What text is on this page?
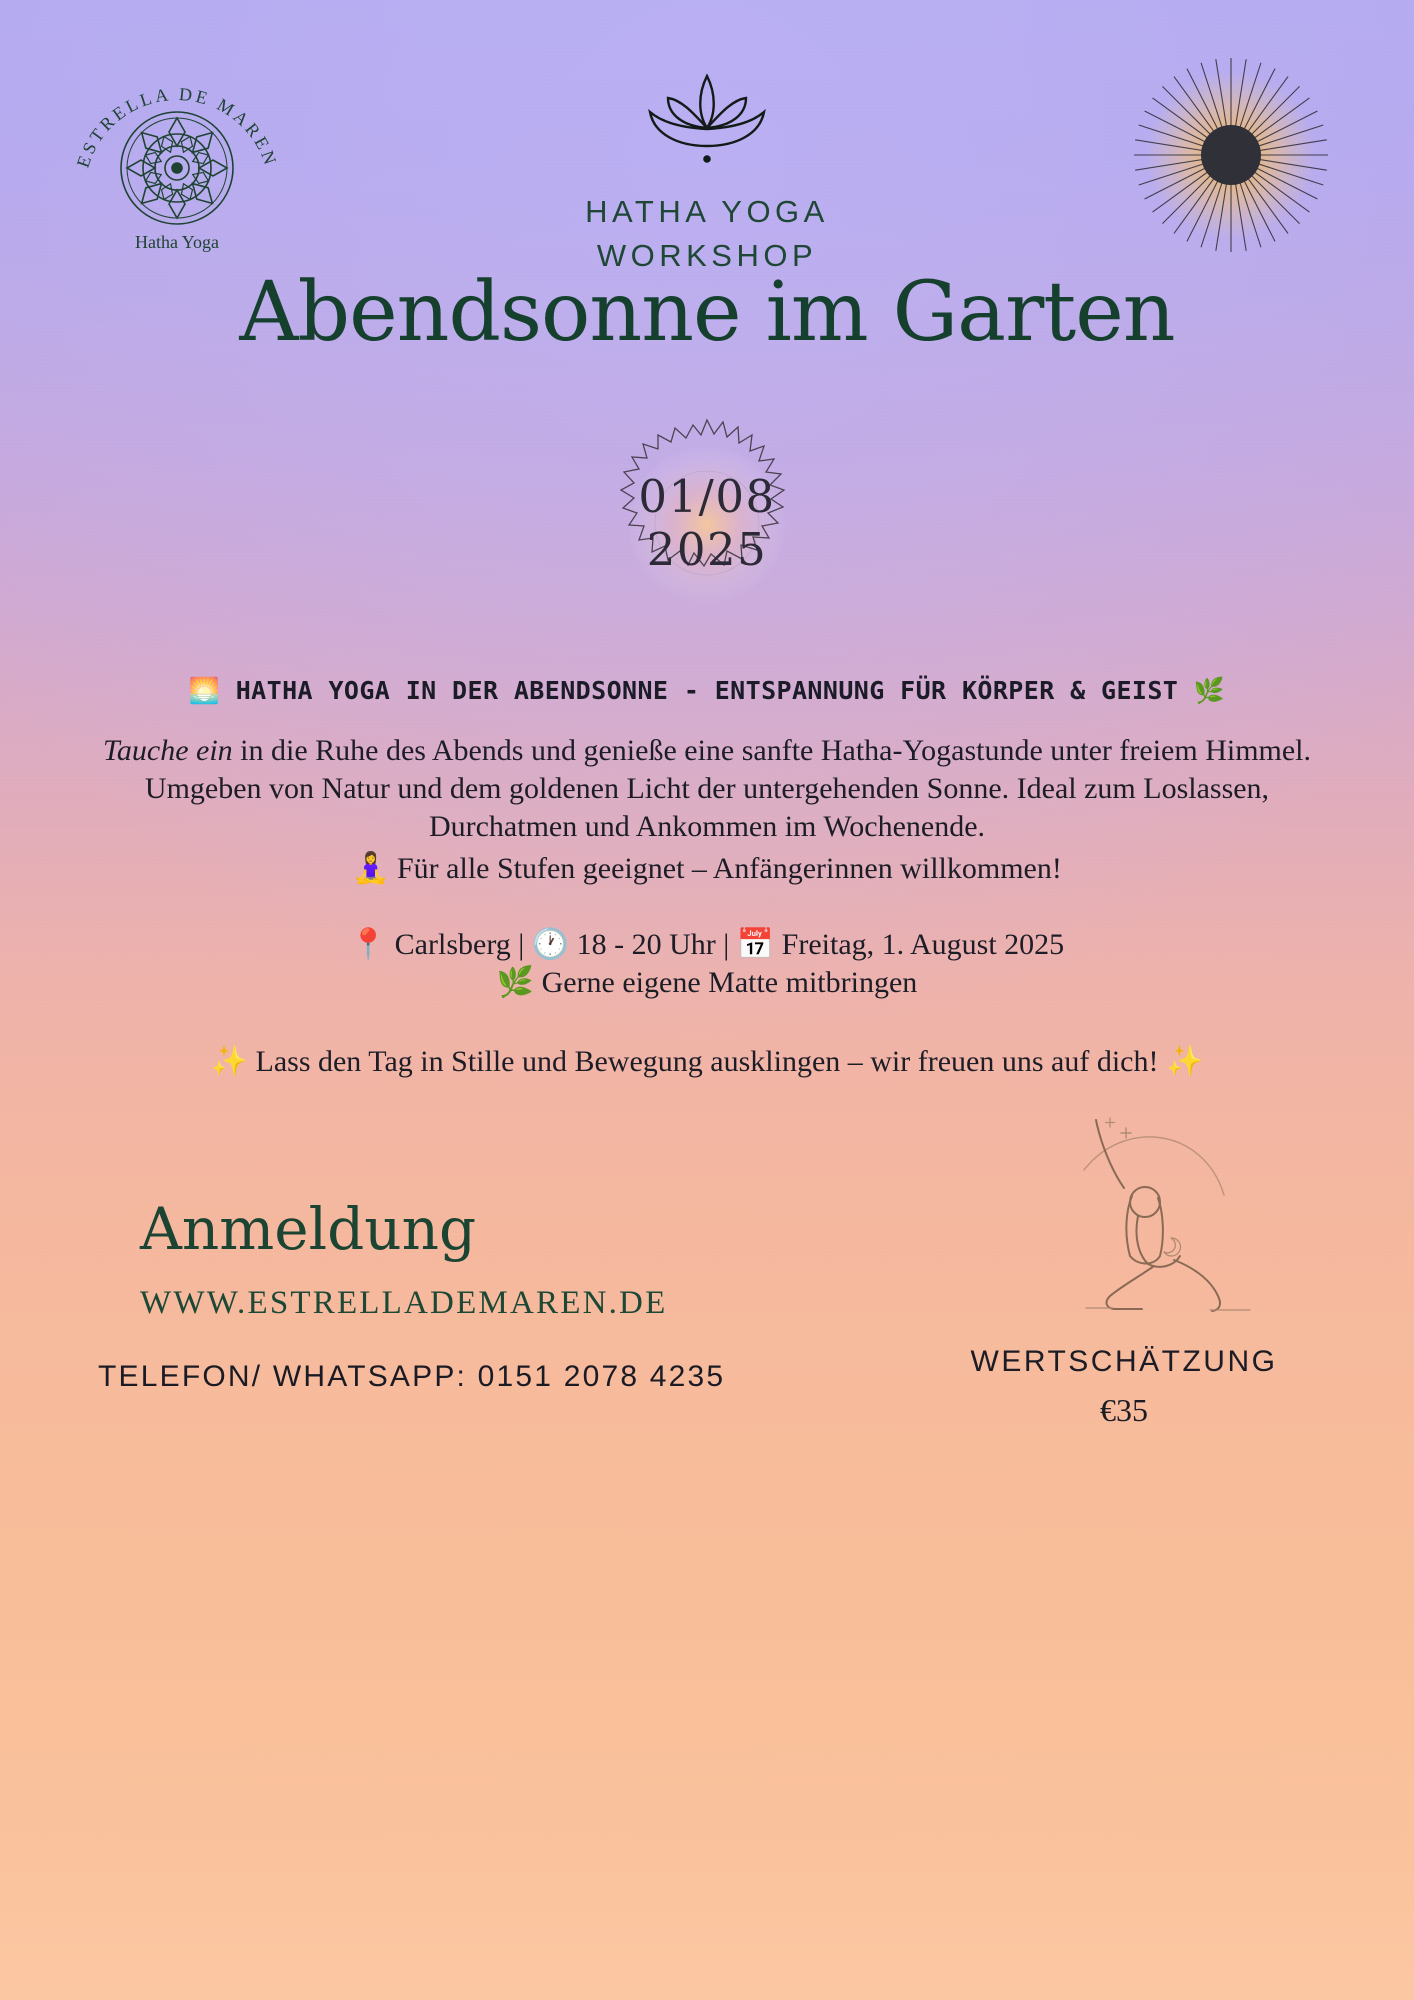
ESTRELLA DE MAREN
Hatha Yoga
HATHA YOGA
WORKSHOP
Abendsonne im Garten
01/08
2025
🌅 HATHA YOGA IN DER ABENDSONNE - ENTSPANNUNG FÜR KÖRPER & GEIST 🌿
Tauche ein in die Ruhe des Abends und genieße eine sanfte Hatha-Yogastunde unter freiem Himmel. Umgeben von Natur und dem goldenen Licht der untergehenden Sonne. Ideal zum Loslassen, Durchatmen und Ankommen im Wochenende.
🧘‍♀️ Für alle Stufen geeignet – Anfängerinnen willkommen!
📍 Carlsberg | 🕐 18 - 20 Uhr | 📅 Freitag, 1. August 2025
🌿 Gerne eigene Matte mitbringen
✨ Lass den Tag in Stille und Bewegung ausklingen – wir freuen uns auf dich! ✨
Anmeldung
WWW.ESTRELLADEMAREN.DE
TELEFON/ WHATSAPP: 0151 2078 4235	WERTSCHÄTZUNG
€35
